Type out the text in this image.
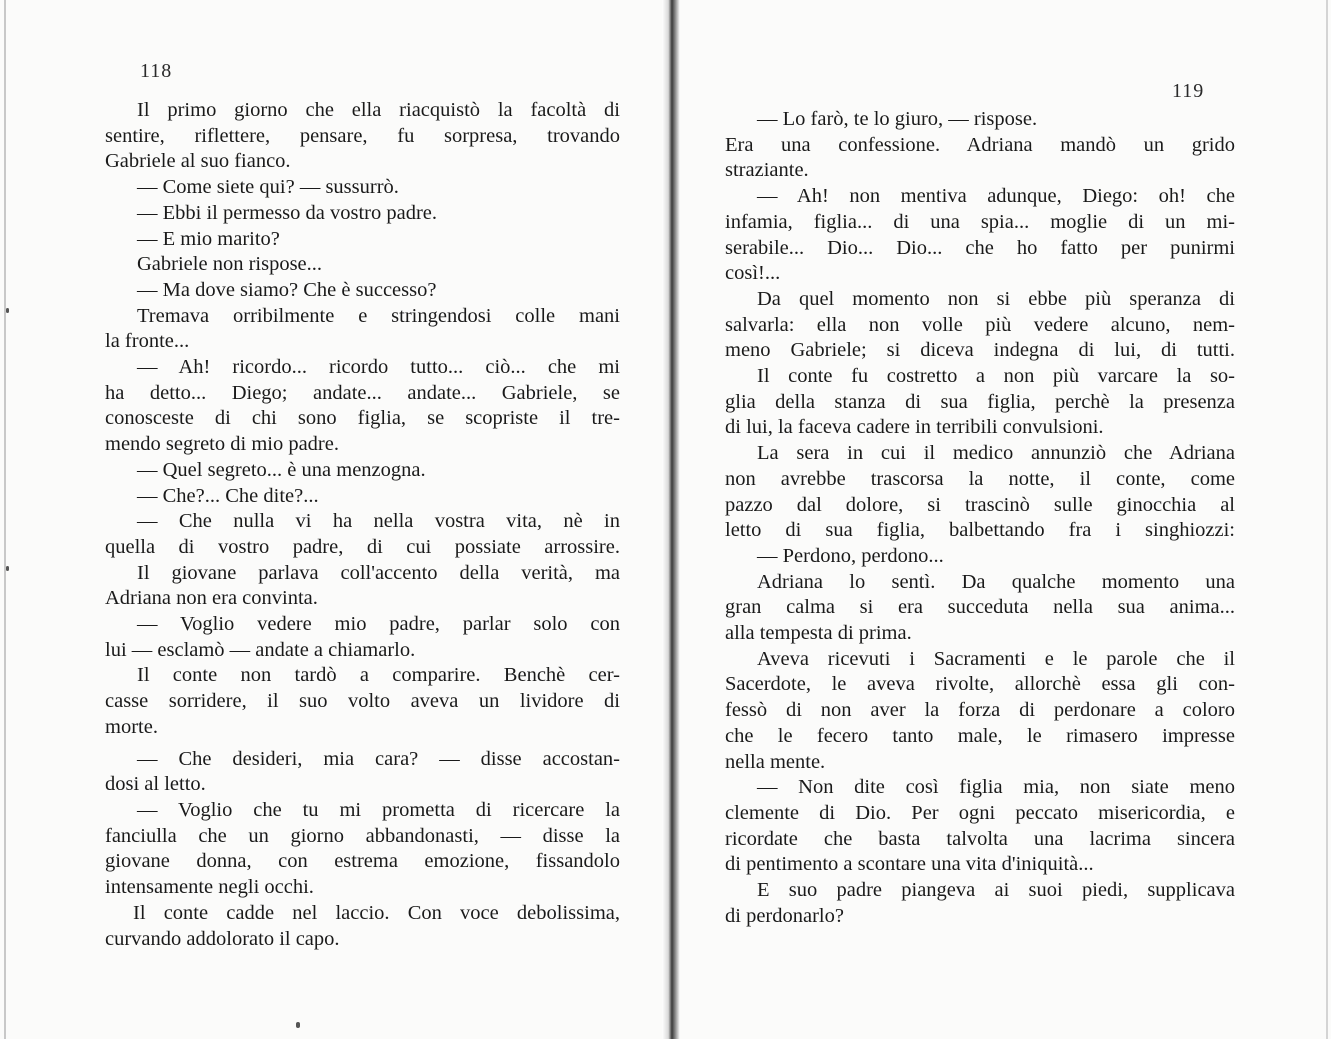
118
Il primo giorno che ella riacquistò la facoltà di
sentire, riflettere, pensare, fu sorpresa, trovando
Gabriele al suo fianco.
— Come siete qui? — sussurrò.
— Ebbi il permesso da vostro padre.
— E mio marito?
Gabriele non rispose...
— Ma dove siamo? Che è successo?
Tremava orribilmente e stringendosi colle mani
la fronte...
— Ah! ricordo... ricordo tutto... ciò... che mi
ha detto... Diego; andate... andate... Gabriele, se
conosceste di chi sono figlia, se scopriste il tre-
mendo segreto di mio padre.
— Quel segreto... è una menzogna.
— Che?... Che dite?...
— Che nulla vi ha nella vostra vita, nè in
quella di vostro padre, di cui possiate arrossire.
Il giovane parlava coll'accento della verità, ma
Adriana non era convinta.
— Voglio vedere mio padre, parlar solo con
lui — esclamò — andate a chiamarlo.
Il conte non tardò a comparire. Benchè cer-
casse sorridere, il suo volto aveva un lividore di
morte.
— Che desideri, mia cara? — disse accostan-
dosi al letto.
— Voglio che tu mi prometta di ricercare la
fanciulla che un giorno abbandonasti, — disse la
giovane donna, con estrema emozione, fissandolo
intensamente negli occhi.
Il conte cadde nel laccio. Con voce debolissima,
curvando addolorato il capo.
119
— Lo farò, te lo giuro, — rispose.
Era una confessione. Adriana mandò un grido
straziante.
— Ah! non mentiva adunque, Diego: oh! che
infamia, figlia... di una spia... moglie di un mi-
serabile... Dio... Dio... che ho fatto per punirmi
così!...
Da quel momento non si ebbe più speranza di
salvarla: ella non volle più vedere alcuno, nem-
meno Gabriele; si diceva indegna di lui, di tutti.
Il conte fu costretto a non più varcare la so-
glia della stanza di sua figlia, perchè la presenza
di lui, la faceva cadere in terribili convulsioni.
La sera in cui il medico annunziò che Adriana
non avrebbe trascorsa la notte, il conte, come
pazzo dal dolore, si trascinò sulle ginocchia al
letto di sua figlia, balbettando fra i singhiozzi:
— Perdono, perdono...
Adriana lo sentì. Da qualche momento una
gran calma si era succeduta nella sua anima...
alla tempesta di prima.
Aveva ricevuti i Sacramenti e le parole che il
Sacerdote, le aveva rivolte, allorchè essa gli con-
fessò di non aver la forza di perdonare a coloro
che le fecero tanto male, le rimasero impresse
nella mente.
— Non dite così figlia mia, non siate meno
clemente di Dio. Per ogni peccato misericordia, e
ricordate che basta talvolta una lacrima sincera
di pentimento a scontare una vita d'iniquità...
E suo padre piangeva ai suoi piedi, supplicava
di perdonarlo?
